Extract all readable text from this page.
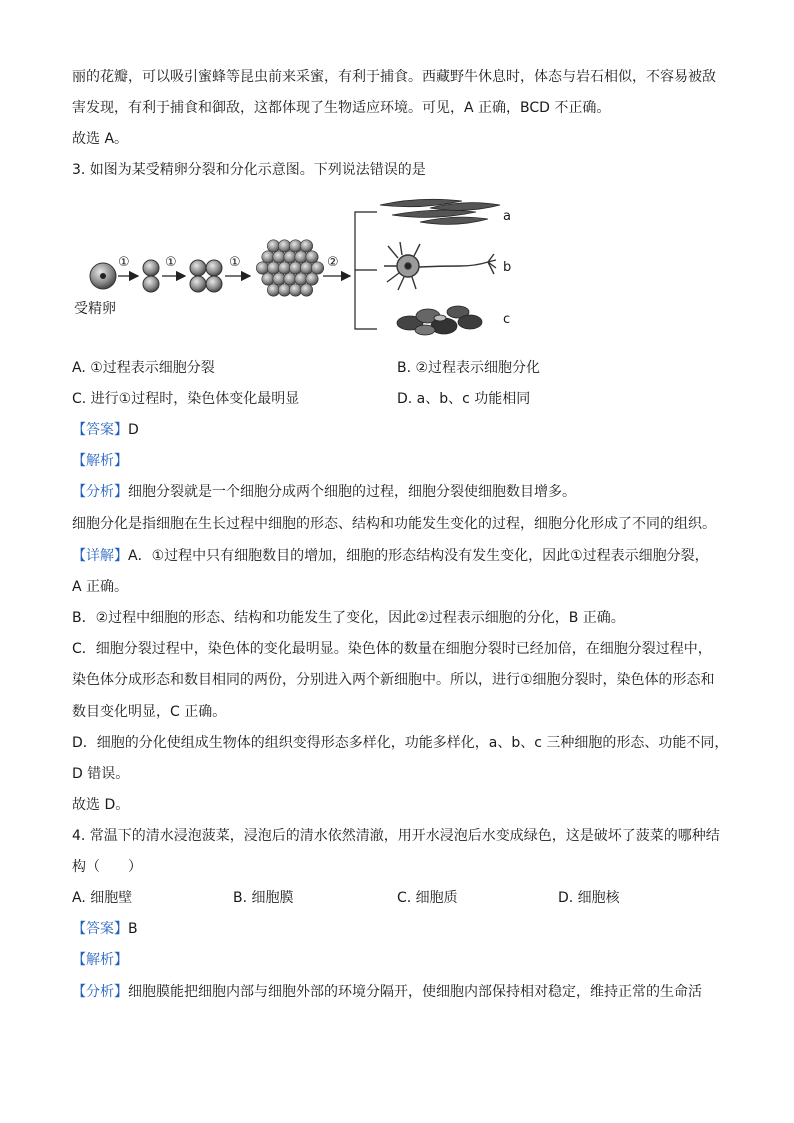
丽的花瓣，可以吸引蜜蜂等昆虫前来采蜜，有利于捕食。西藏野牛休息时，体态与岩石相似，不容易被敌
害发现，有利于捕食和御敌，这都体现了生物适应环境。可见，A 正确，BCD 不正确。
故选 A。
3. 如图为某受精卵分裂和分化示意图。下列说法错误的是
①	①	①	②
受精卵
a
b
c
A. ①过程表示细胞分裂	B. ②过程表示细胞分化
C. 进行①过程时，染色体变化最明显	D. a、b、c 功能相同
【答案】D
【解析】
【分析】细胞分裂就是一个细胞分成两个细胞的过程，细胞分裂使细胞数目增多。
细胞分化是指细胞在生长过程中细胞的形态、结构和功能发生变化的过程，细胞分化形成了不同的组织。
【详解】A．①过程中只有细胞数目的增加，细胞的形态结构没有发生变化，因此①过程表示细胞分裂，
A 正确。
B．②过程中细胞的形态、结构和功能发生了变化，因此②过程表示细胞的分化，B 正确。
C．细胞分裂过程中，染色体的变化最明显。染色体的数量在细胞分裂时已经加倍，在细胞分裂过程中，
染色体分成形态和数目相同的两份，分别进入两个新细胞中。所以，进行①细胞分裂时，染色体的形态和
数目变化明显，C 正确。
D．细胞的分化使组成生物体的组织变得形态多样化，功能多样化，a、b、c 三种细胞的形态、功能不同，
D 错误。
故选 D。
4. 常温下的清水浸泡菠菜，浸泡后的清水依然清澈，用开水浸泡后水变成绿色，这是破坏了菠菜的哪种结
构（　　）
A. 细胞壁	B. 细胞膜	C. 细胞质	D. 细胞核
【答案】B
【解析】
【分析】细胞膜能把细胞内部与细胞外部的环境分隔开，使细胞内部保持相对稳定，维持正常的生命活
